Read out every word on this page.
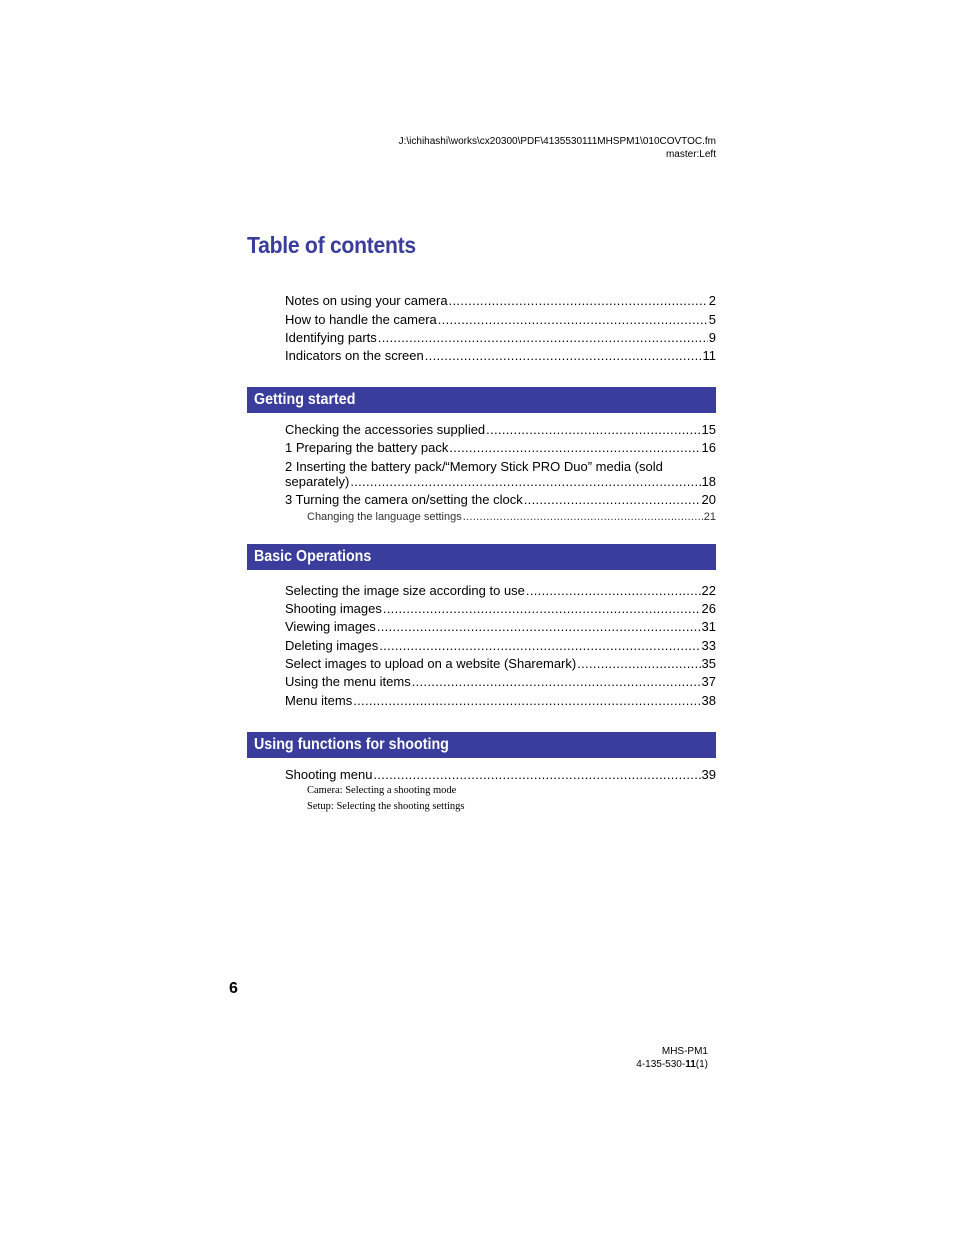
J:\ichihashi\works\cx20300\PDF\4135530111MHSPM1\010COVTOC.fm
master:Left
Table of contents
Notes on using your camera .....	2
How to handle the camera .....	5
Identifying parts .....	9
Indicators on the screen .....	11
Getting started
Checking the accessories supplied .....	15
1 Preparing the battery pack .....	16
2 Inserting the battery pack/“Memory Stick PRO Duo” media (sold
separately) .....	18
3 Turning the camera on/setting the clock .....	20
Changing the language settings .....	21
Basic Operations
Selecting the image size according to use .....	22
Shooting images .....	26
Viewing images .....	31
Deleting images .....	33
Select images to upload on a website (Sharemark) .....	35
Using the menu items .....	37
Menu items .....	38
Using functions for shooting
Shooting menu .....	39
Camera: Selecting a shooting mode
Setup: Selecting the shooting settings
6
MHS-PM1
4-135-530-11(1)
